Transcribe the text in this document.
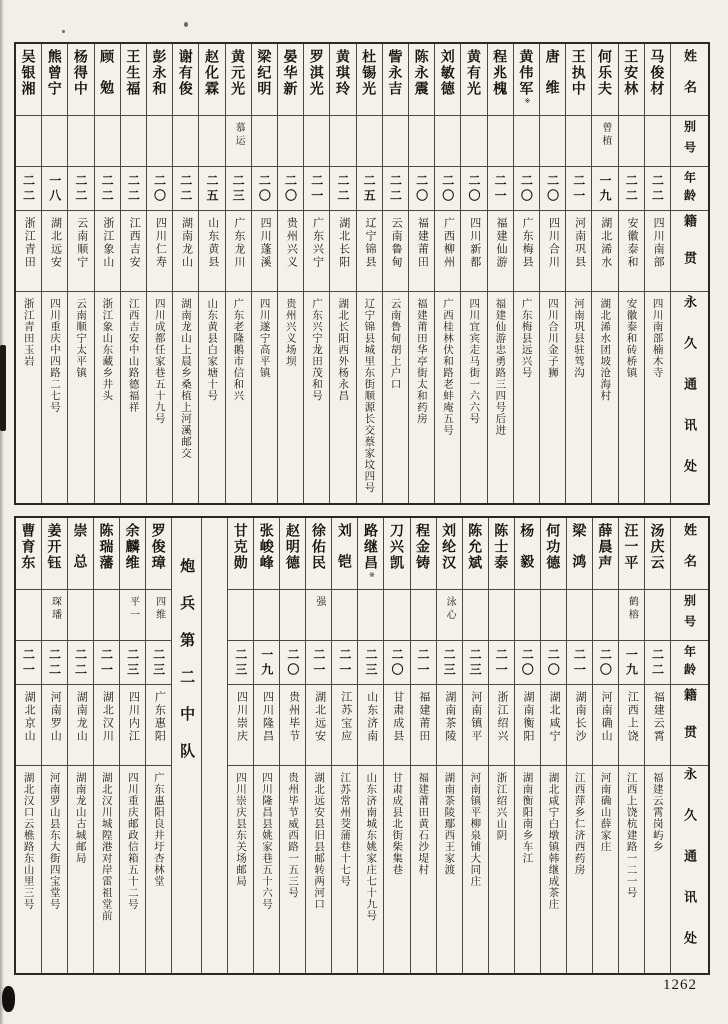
姓名
别号
年龄
籍贯
永久通讯处
马俊材
二二
四川南部
四川南部楠木寺
王安林
二二
安徽泰和
安徽泰和砖桥镇
何乐夫
曾植
一九
湖北浠水
湖北浠水团坡沧海村
王执中
二一
河南巩县
河南巩县驻驾沟
唐维
二〇
四川合川
四川合川金子狮
黄伟军※
二〇
广东梅县
广东梅县远兴号
程兆槐
二一
福建仙游
福建仙游忠勇路三四号后进
黄有光
二〇
四川新都
四川宜宾走马街一六六号
刘敏德
二〇
广西柳州
广西桂林伏和路老蚌庵五号
陈永震
二〇
福建莆田
福建莆田华亭街太和药房
訾永吉
二二
云南鲁甸
云南鲁甸胡上户口
杜锡光
二五
辽宁锦县
辽宁锦县城里东街顺源长交蔡家坟四号
黄琪玲
二二
湖北长阳
湖北长阳西外杨永昌
罗淇光
二一
广东兴宁
广东兴宁龙田茂和号
晏华新
二〇
贵州兴义
贵州兴义场坝
梁纪明
二〇
四川蓬溪
四川遂宁高平镇
黄元光
慕运
二三
广东龙川
广东老隆鹅市信和兴
赵化霖
二五
山东黄县
山东黄县白家塘十号
谢有俊
二二
湖南龙山
湖南龙山上晨乡桑植上河溪邮交
彭永和
二〇
四川仁寿
四川成都任家巷五十九号
王生福
二二
江西吉安
江西吉安中山路德福祥
顾勉
二二
浙江象山
浙江象山东藏乡井头
杨得中
二二
云南顺宁
云南顺宁太平镇
熊曾宁
一八
湖北远安
四川重庆中四路二七号
吴银湘
二二
浙江青田
浙江青田玉岩
姓名
别号
年龄
籍贯
永久通讯处
汤庆云
二二
福建云霄
福建云霄岗屿乡
汪一平
鹤榕
一九
江西上饶
江西上饶杭建路一二一号
薛晨声
二〇
河南确山
河南确山薛家庄
梁鸿
二一
湖南长沙
江西萍乡仁济西药房
何功德
二〇
湖北咸宁
湖北咸宁白墩镇韩继成茶庄
杨毅
二〇
湖南衡阳
湖南衡阳南乡车江
陈士泰
二一
浙江绍兴
浙江绍兴山阴
陈允斌
二三
河南镇平
河南镇平柳泉铺大同庄
刘纶汉
泳心
二三
湖南茶陵
湖南茶陵鄢西王家渡
程金铸
二一
福建莆田
福建莆田黄石沙堤村
刀兴凯
二〇
甘肃成县
甘肃成县北街柴集巷
路继昌※
二三
山东济南
山东济南城东姚家庄七十九号
刘铠
二一
江苏宝应
江苏常州茭蒲巷十七号
徐佑民
强
二一
湖北远安
湖北远安县旧县邮转两河口
赵明德
二〇
贵州毕节
贵州毕节威西路一五三号
张峻峰
一九
四川隆昌
四川隆昌县姚家巷五十六号
甘克勋
二三
四川崇庆
四川崇庆县东关场邮局
炮兵第二中队
罗俊璋
四维
二三
广东惠阳
广东惠阳良井圩杏林堂
余麟维
平一
二三
四川内江
四川重庆邮政信箱五十二号
陈瑞藩
二一
湖北汉川
湖北汉川城隍港对岸雷祖堂前
崇总
二二
湖南龙山
湖南龙山古城邮局
姜开钰
琛璠
二二
河南罗山
河南罗山县东大街四宝堂号
曹育东
二一
湖北京山
湖北汉口云樵路东山里三号
1262
